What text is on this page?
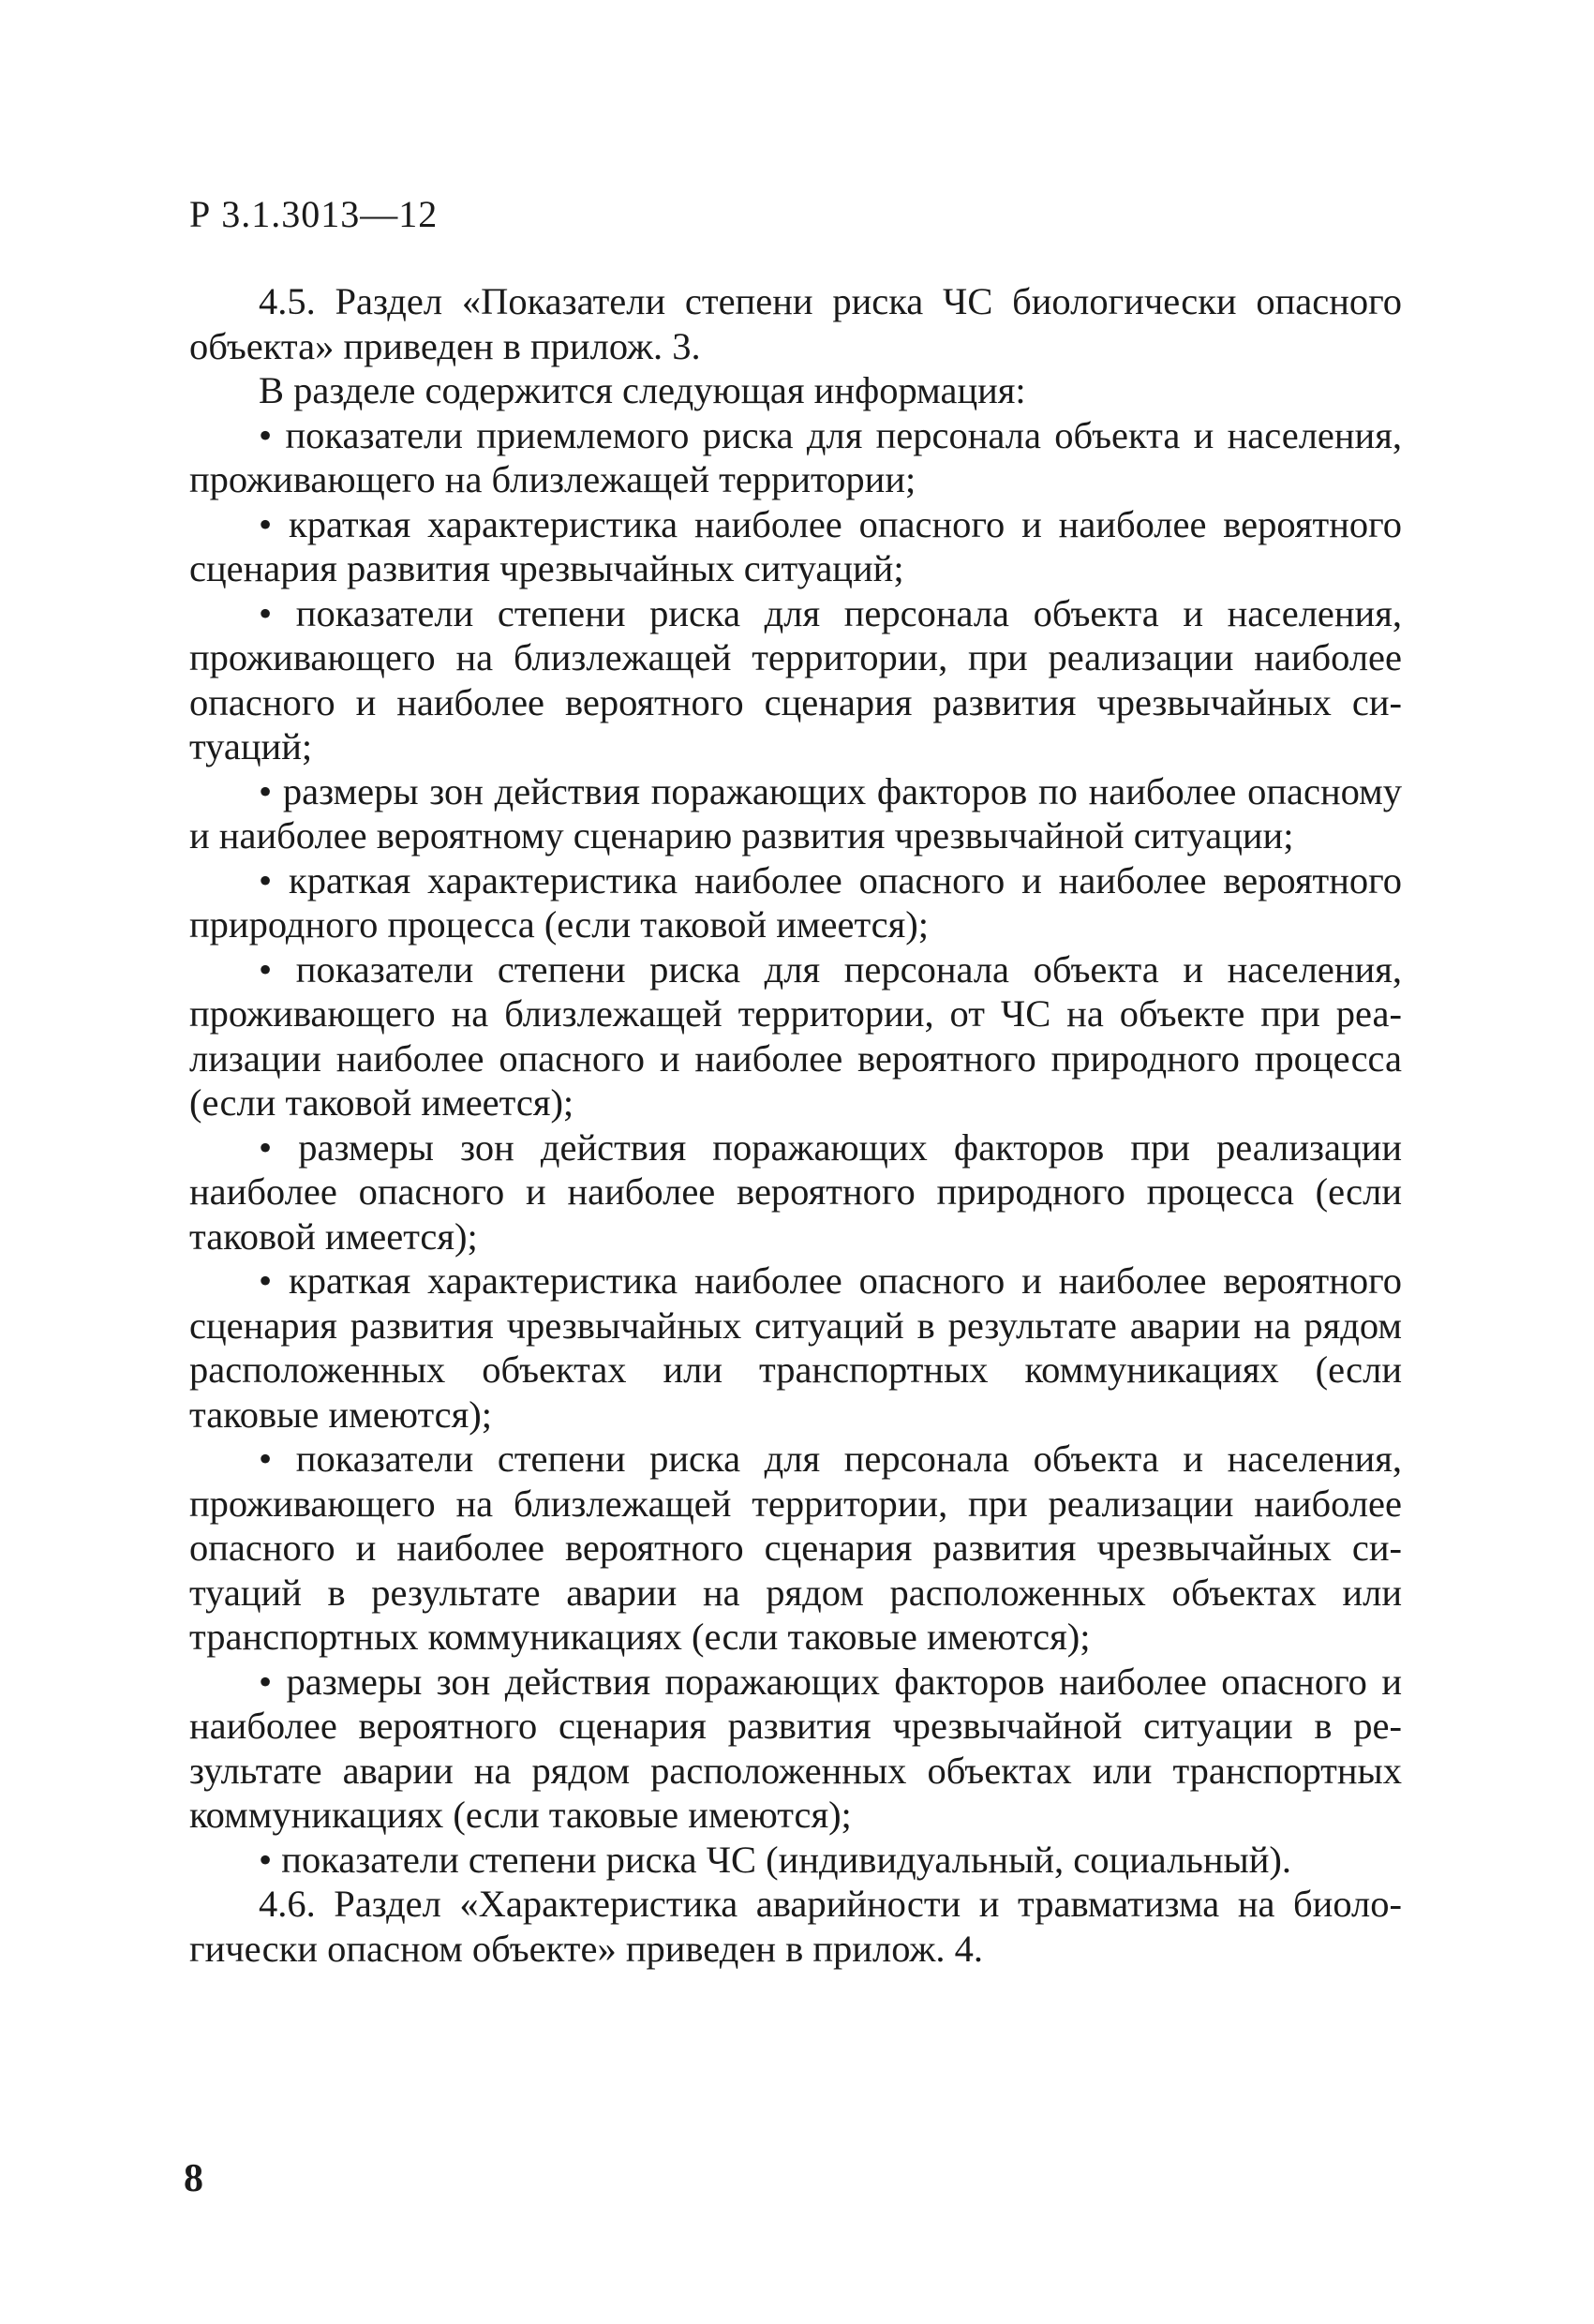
Р 3.1.3013—12

4.5. Раздел «Показатели степени риска ЧС биологически опасного объекта» приведен в прилож. 3.

В разделе содержится следующая информация:

• показатели приемлемого риска для персонала объекта и населения, проживающего на близлежащей территории;

• краткая характеристика наиболее опасного и наиболее вероятного сценария развития чрезвычайных ситуаций;

• показатели степени риска для персонала объекта и населения, проживающего на близлежащей территории, при реализации наиболее опасного и наиболее вероятного сценария развития чрезвычайных ситуаций;

• размеры зон действия поражающих факторов по наиболее опасному и наиболее вероятному сценарию развития чрезвычайной ситуации;

• краткая характеристика наиболее опасного и наиболее вероятного природного процесса (если таковой имеется);

• показатели степени риска для персонала объекта и населения, проживающего на близлежащей территории, от ЧС на объекте при реализации наиболее опасного и наиболее вероятного природного процесса (если таковой имеется);

• размеры зон действия поражающих факторов при реализации наиболее опасного и наиболее вероятного природного процесса (если таковой имеется);

• краткая характеристика наиболее опасного и наиболее вероятного сценария развития чрезвычайных ситуаций в результате аварии на рядом расположенных объектах или транспортных коммуникациях (если таковые имеются);

• показатели степени риска для персонала объекта и населения, проживающего на близлежащей территории, при реализации наиболее опасного и наиболее вероятного сценария развития чрезвычайных ситуаций в результате аварии на рядом расположенных объектах или транспортных коммуникациях (если таковые имеются);

• размеры зон действия поражающих факторов наиболее опасного и наиболее вероятного сценария развития чрезвычайной ситуации в результате аварии на рядом расположенных объектах или транспортных коммуникациях (если таковые имеются);

• показатели степени риска ЧС (индивидуальный, социальный).

4.6. Раздел «Характеристика аварийности и травматизма на биологически опасном объекте» приведен в прилож. 4.

8
